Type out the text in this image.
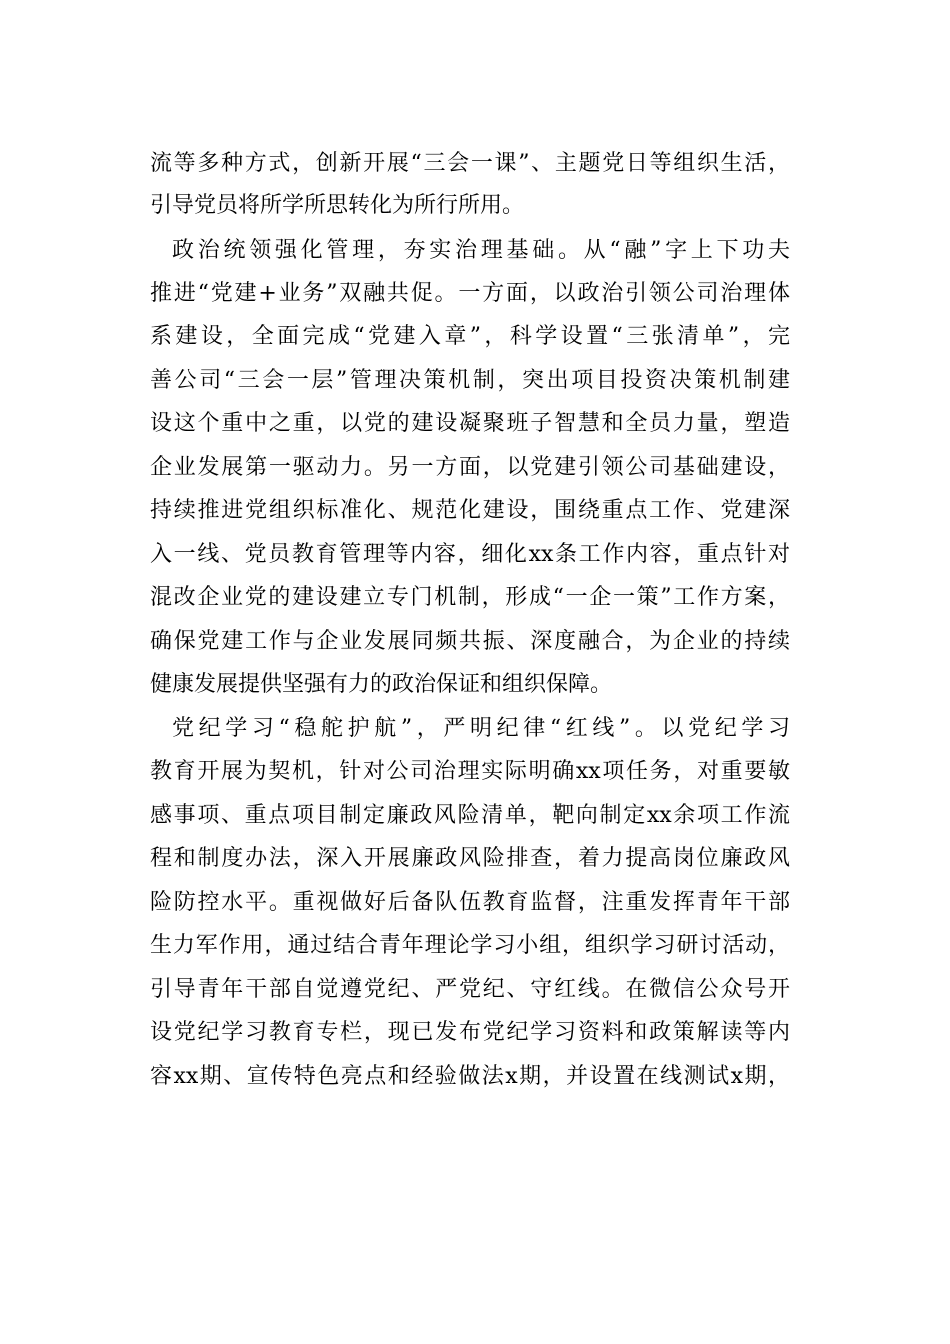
流等多种方式，创新开展“三会一课”、主题党日等组织生活，
引导党员将所学所思转化为所行所用。
政治统领强化管理，夯实治理基础。从“融”字上下功夫
推进“党建+业务”双融共促。一方面，以政治引领公司治理体
系建设，全面完成“党建入章”，科学设置“三张清单”，完
善公司“三会一层”管理决策机制，突出项目投资决策机制建
设这个重中之重，以党的建设凝聚班子智慧和全员力量，塑造
企业发展第一驱动力。另一方面，以党建引领公司基础建设，
持续推进党组织标准化、规范化建设，围绕重点工作、党建深
入一线、党员教育管理等内容，细化xx条工作内容，重点针对
混改企业党的建设建立专门机制，形成“一企一策”工作方案，
确保党建工作与企业发展同频共振、深度融合，为企业的持续
健康发展提供坚强有力的政治保证和组织保障。
党纪学习“稳舵护航”，严明纪律“红线”。以党纪学习
教育开展为契机，针对公司治理实际明确xx项任务，对重要敏
感事项、重点项目制定廉政风险清单，靶向制定xx余项工作流
程和制度办法，深入开展廉政风险排查，着力提高岗位廉政风
险防控水平。重视做好后备队伍教育监督，注重发挥青年干部
生力军作用，通过结合青年理论学习小组，组织学习研讨活动，
引导青年干部自觉遵党纪、严党纪、守红线。在微信公众号开
设党纪学习教育专栏，现已发布党纪学习资料和政策解读等内
容xx期、宣传特色亮点和经验做法x期，并设置在线测试x期，
